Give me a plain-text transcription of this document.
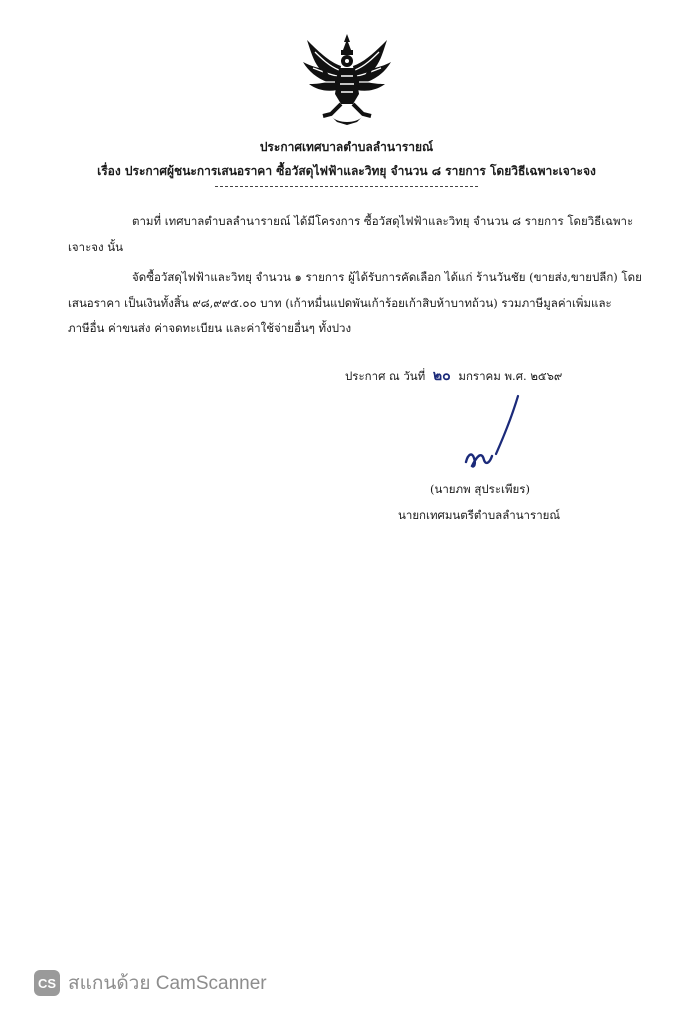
ประกาศเทศบาลตำบลลำนารายณ์
เรื่อง ประกาศผู้ชนะการเสนอราคา ซื้อวัสดุไฟฟ้าและวิทยุ จำนวน ๘ รายการ โดยวิธีเฉพาะเจาะจง
ตามที่ เทศบาลตำบลลำนารายณ์ ได้มีโครงการ ซื้อวัสดุไฟฟ้าและวิทยุ จำนวน ๘ รายการ โดยวิธีเฉพาะ
เจาะจง นั้น
จัดซื้อวัสดุไฟฟ้าและวิทยุ จำนวน ๑ รายการ ผู้ได้รับการคัดเลือก ได้แก่ ร้านวันชัย (ขายส่ง,ขายปลีก) โดย
เสนอราคา เป็นเงินทั้งสิ้น ๙๘,๙๙๕.๐๐ บาท (เก้าหมื่นแปดพันเก้าร้อยเก้าสิบห้าบาทถ้วน) รวมภาษีมูลค่าเพิ่มและ
ภาษีอื่น ค่าขนส่ง ค่าจดทะเบียน และค่าใช้จ่ายอื่นๆ ทั้งปวง
ประกาศ ณ วันที่ ๒๐ มกราคม พ.ศ. ๒๕๖๙
(นายภพ สุประเพียร)
นายกเทศมนตรีตำบลลำนารายณ์
CS สแกนด้วย CamScanner
